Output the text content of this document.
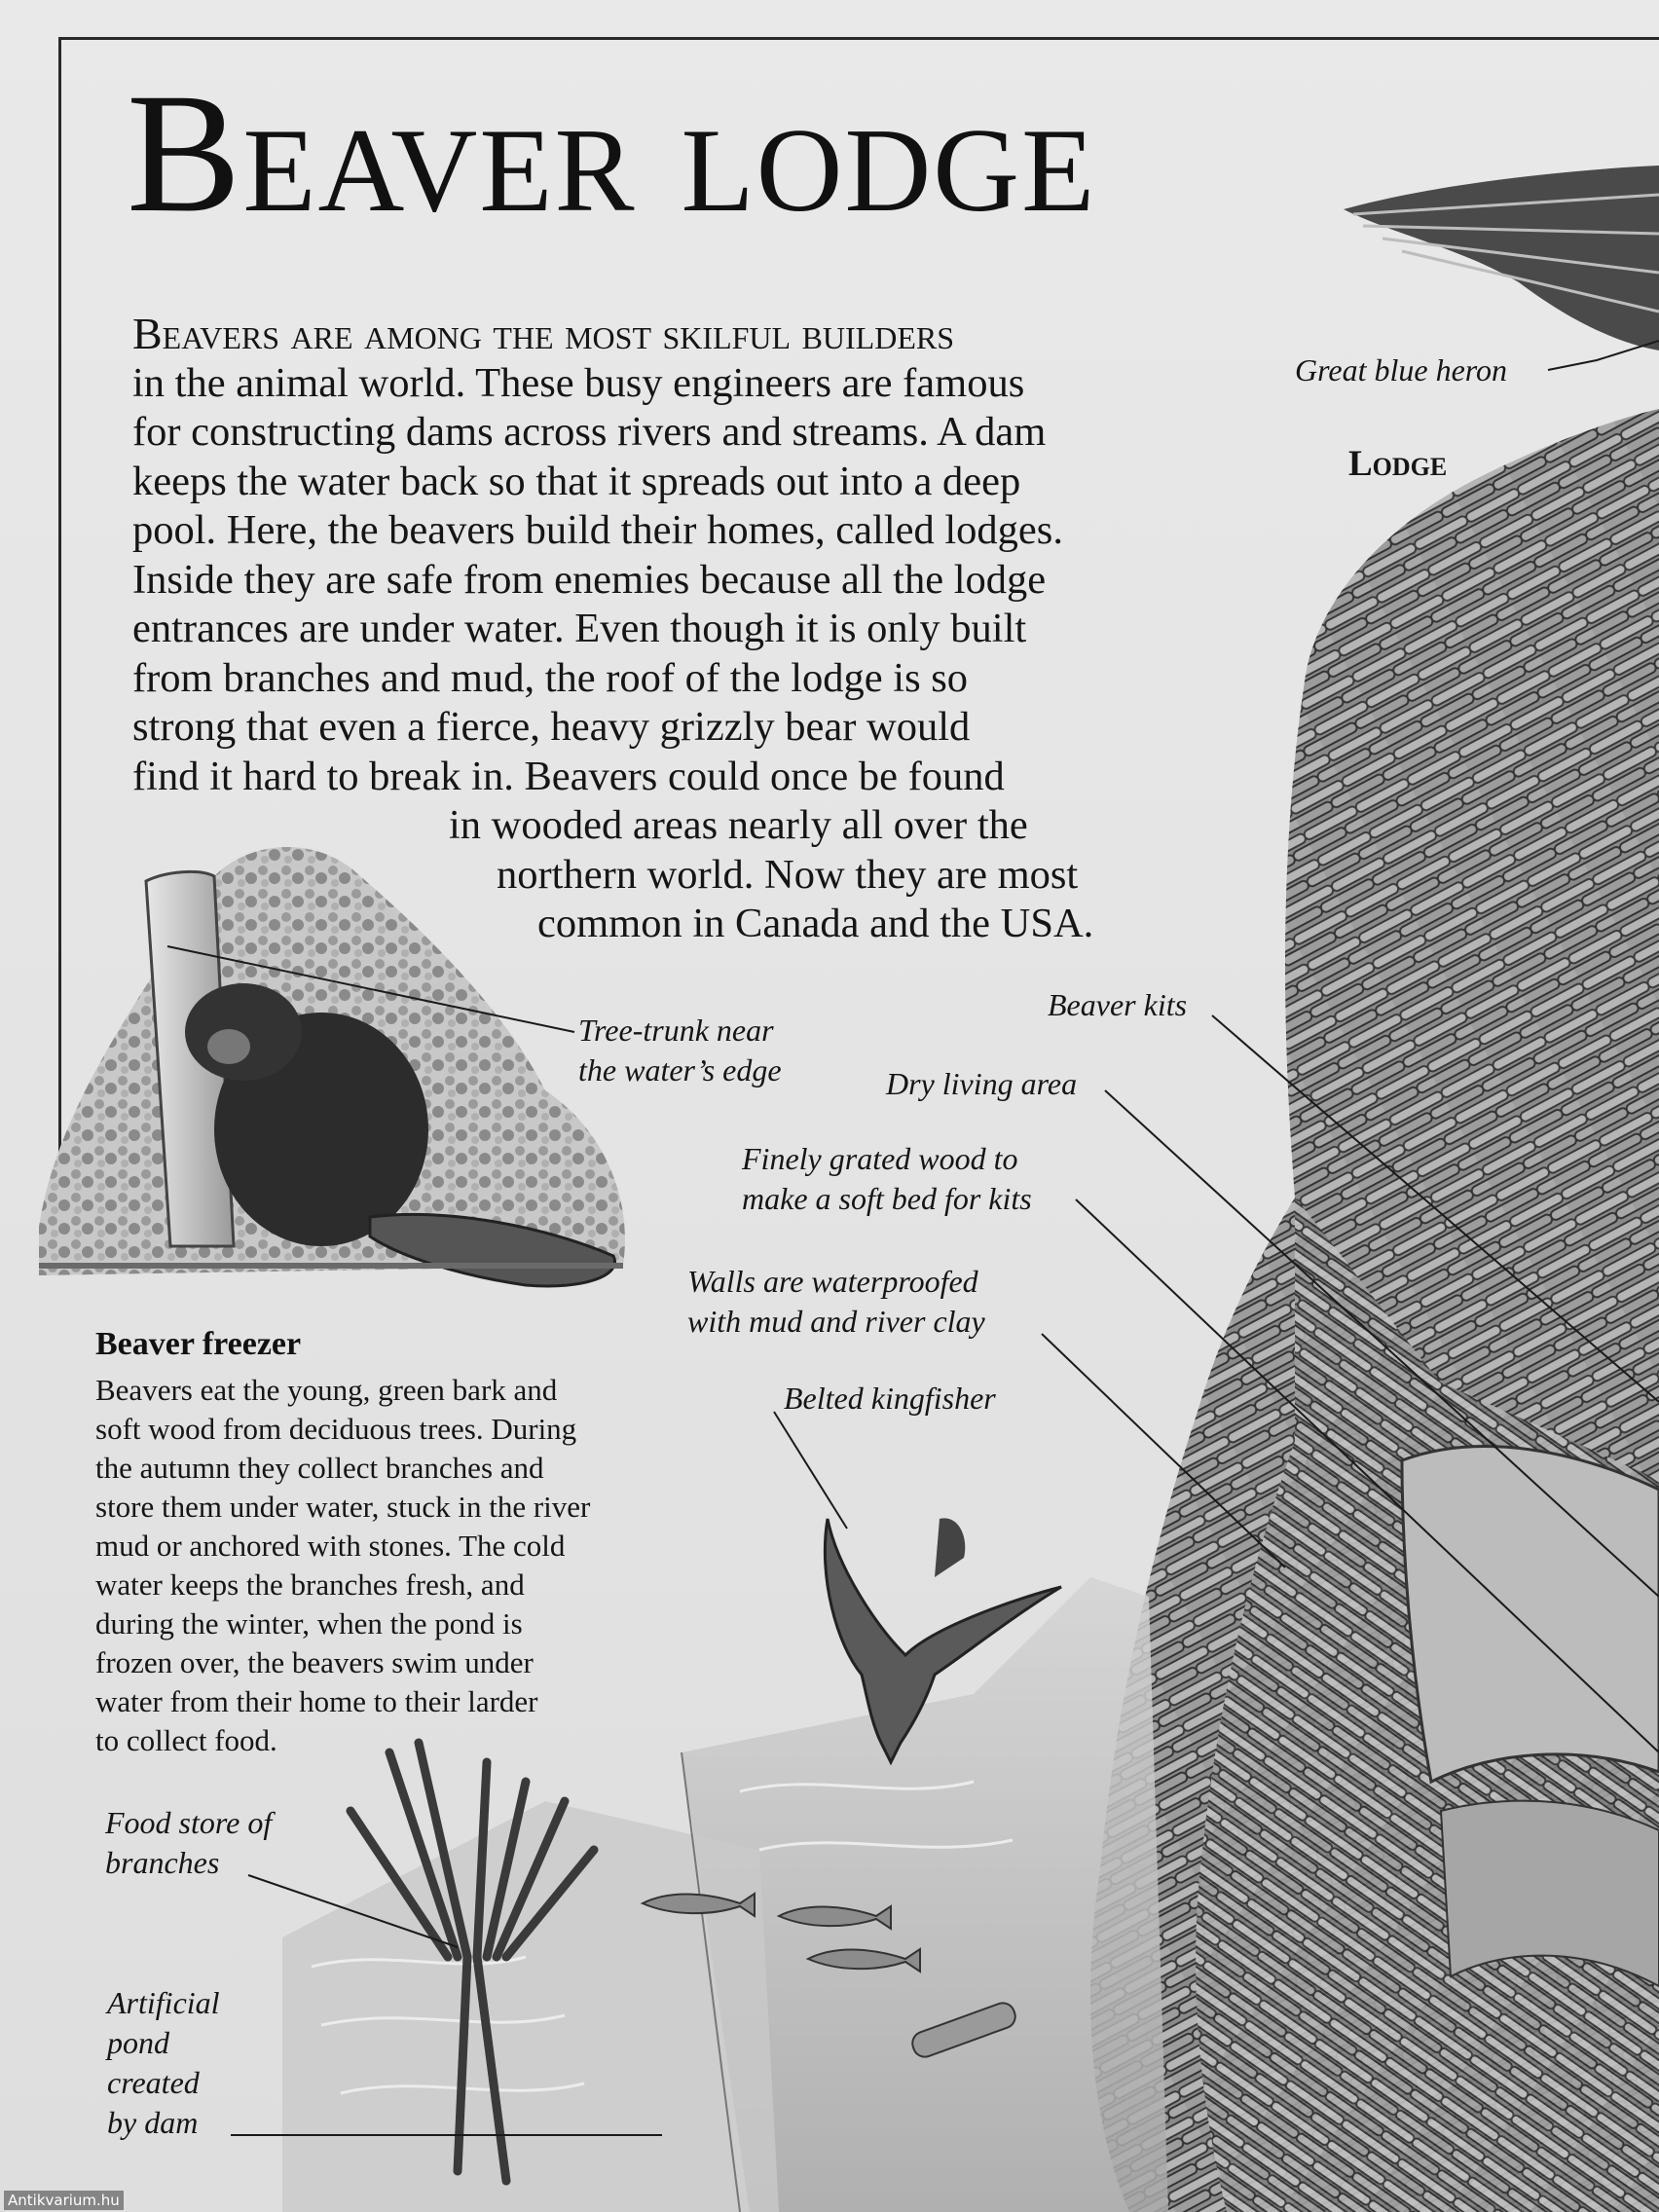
Beaver lodge

Beavers are among the most skilful builders
in the animal world. These busy engineers are famous
for constructing dams across rivers and streams. A dam
keeps the water back so that it spreads out into a deep
pool. Here, the beavers build their homes, called lodges.
Inside they are safe from enemies because all the lodge
entrances are under water. Even though it is only built
from branches and mud, the roof of the lodge is so
strong that even a fierce, heavy grizzly bear would
find it hard to break in. Beavers could once be found
in wooded areas nearly all over the
northern world. Now they are most
common in Canada and the USA.

Lodge

Great blue heron

Tree-trunk near
the water’s edge

Beaver kits

Dry living area

Finely grated wood to
make a soft bed for kits

Walls are waterproofed
with mud and river clay

Belted kingfisher

Beaver freezer

Beavers eat the young, green bark and
soft wood from deciduous trees. During
the autumn they collect branches and
store them under water, stuck in the river
mud or anchored with stones. The cold
water keeps the branches fresh, and
during the winter, when the pond is
frozen over, the beavers swim under
water from their home to their larder
to collect food.

Food store of
branches

Artificial
pond
created
by dam

Antikvarium.hu
